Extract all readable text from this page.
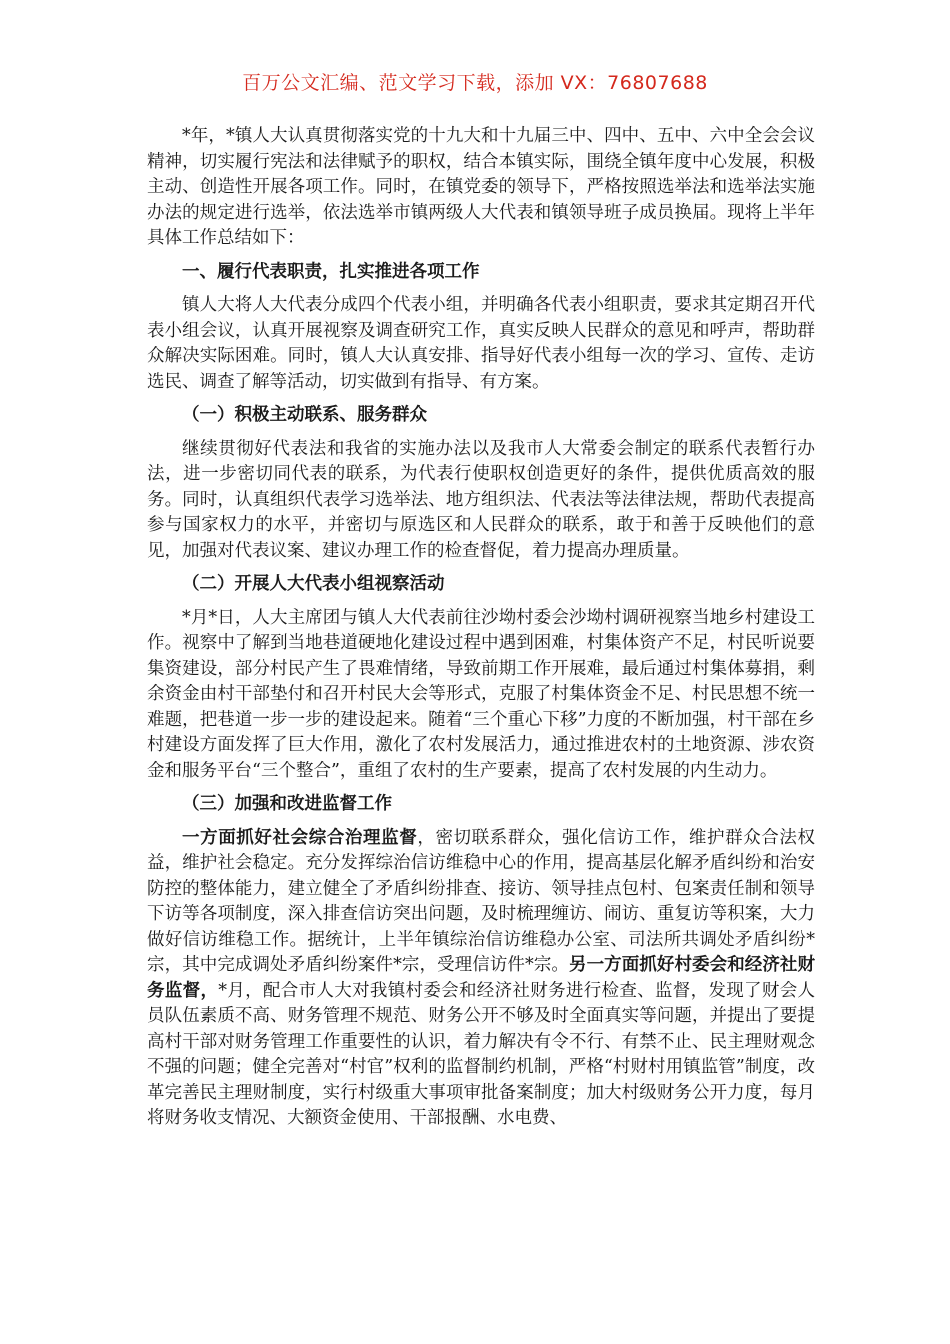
百万公文汇编、范文学习下载，添加 VX：76807688

*年，*镇人大认真贯彻落实党的十九大和十九届三中、四中、五中、六中全会会议精神，切实履行宪法和法律赋予的职权，结合本镇实际，围绕全镇年度中心发展，积极主动、创造性开展各项工作。同时，在镇党委的领导下，严格按照选举法和选举法实施办法的规定进行选举，依法选举市镇两级人大代表和镇领导班子成员换届。现将上半年具体工作总结如下：

一、履行代表职责，扎实推进各项工作

镇人大将人大代表分成四个代表小组，并明确各代表小组职责，要求其定期召开代表小组会议，认真开展视察及调查研究工作，真实反映人民群众的意见和呼声，帮助群众解决实际困难。同时，镇人大认真安排、指导好代表小组每一次的学习、宣传、走访选民、调查了解等活动，切实做到有指导、有方案。

（一）积极主动联系、服务群众

继续贯彻好代表法和我省的实施办法以及我市人大常委会制定的联系代表暂行办法，进一步密切同代表的联系，为代表行使职权创造更好的条件，提供优质高效的服务。同时，认真组织代表学习选举法、地方组织法、代表法等法律法规，帮助代表提高参与国家权力的水平，并密切与原选区和人民群众的联系，敢于和善于反映他们的意见，加强对代表议案、建议办理工作的检查督促，着力提高办理质量。

（二）开展人大代表小组视察活动

*月*日，人大主席团与镇人大代表前往沙坳村委会沙坳村调研视察当地乡村建设工作。视察中了解到当地巷道硬地化建设过程中遇到困难，村集体资产不足，村民听说要集资建设，部分村民产生了畏难情绪，导致前期工作开展难，最后通过村集体募捐，剩余资金由村干部垫付和召开村民大会等形式，克服了村集体资金不足、村民思想不统一难题，把巷道一步一步的建设起来。随着“三个重心下移”力度的不断加强，村干部在乡村建设方面发挥了巨大作用，激化了农村发展活力，通过推进农村的土地资源、涉农资金和服务平台“三个整合”，重组了农村的生产要素，提高了农村发展的内生动力。

（三）加强和改进监督工作

一方面抓好社会综合治理监督，密切联系群众，强化信访工作，维护群众合法权益，维护社会稳定。充分发挥综治信访维稳中心的作用，提高基层化解矛盾纠纷和治安防控的整体能力，建立健全了矛盾纠纷排查、接访、领导挂点包村、包案责任制和领导下访等各项制度，深入排查信访突出问题，及时梳理缠访、闹访、重复访等积案，大力做好信访维稳工作。据统计，上半年镇综治信访维稳办公室、司法所共调处矛盾纠纷*宗，其中完成调处矛盾纠纷案件*宗，受理信访件*宗。另一方面抓好村委会和经济社财务监督，*月，配合市人大对我镇村委会和经济社财务进行检查、监督，发现了财会人员队伍素质不高、财务管理不规范、财务公开不够及时全面真实等问题，并提出了要提高村干部对财务管理工作重要性的认识，着力解决有令不行、有禁不止、民主理财观念不强的问题；健全完善对“村官”权利的监督制约机制，严格“村财村用镇监管”制度，改革完善民主理财制度，实行村级重大事项审批备案制度；加大村级财务公开力度，每月将财务收支情况、大额资金使用、干部报酬、水电费、
